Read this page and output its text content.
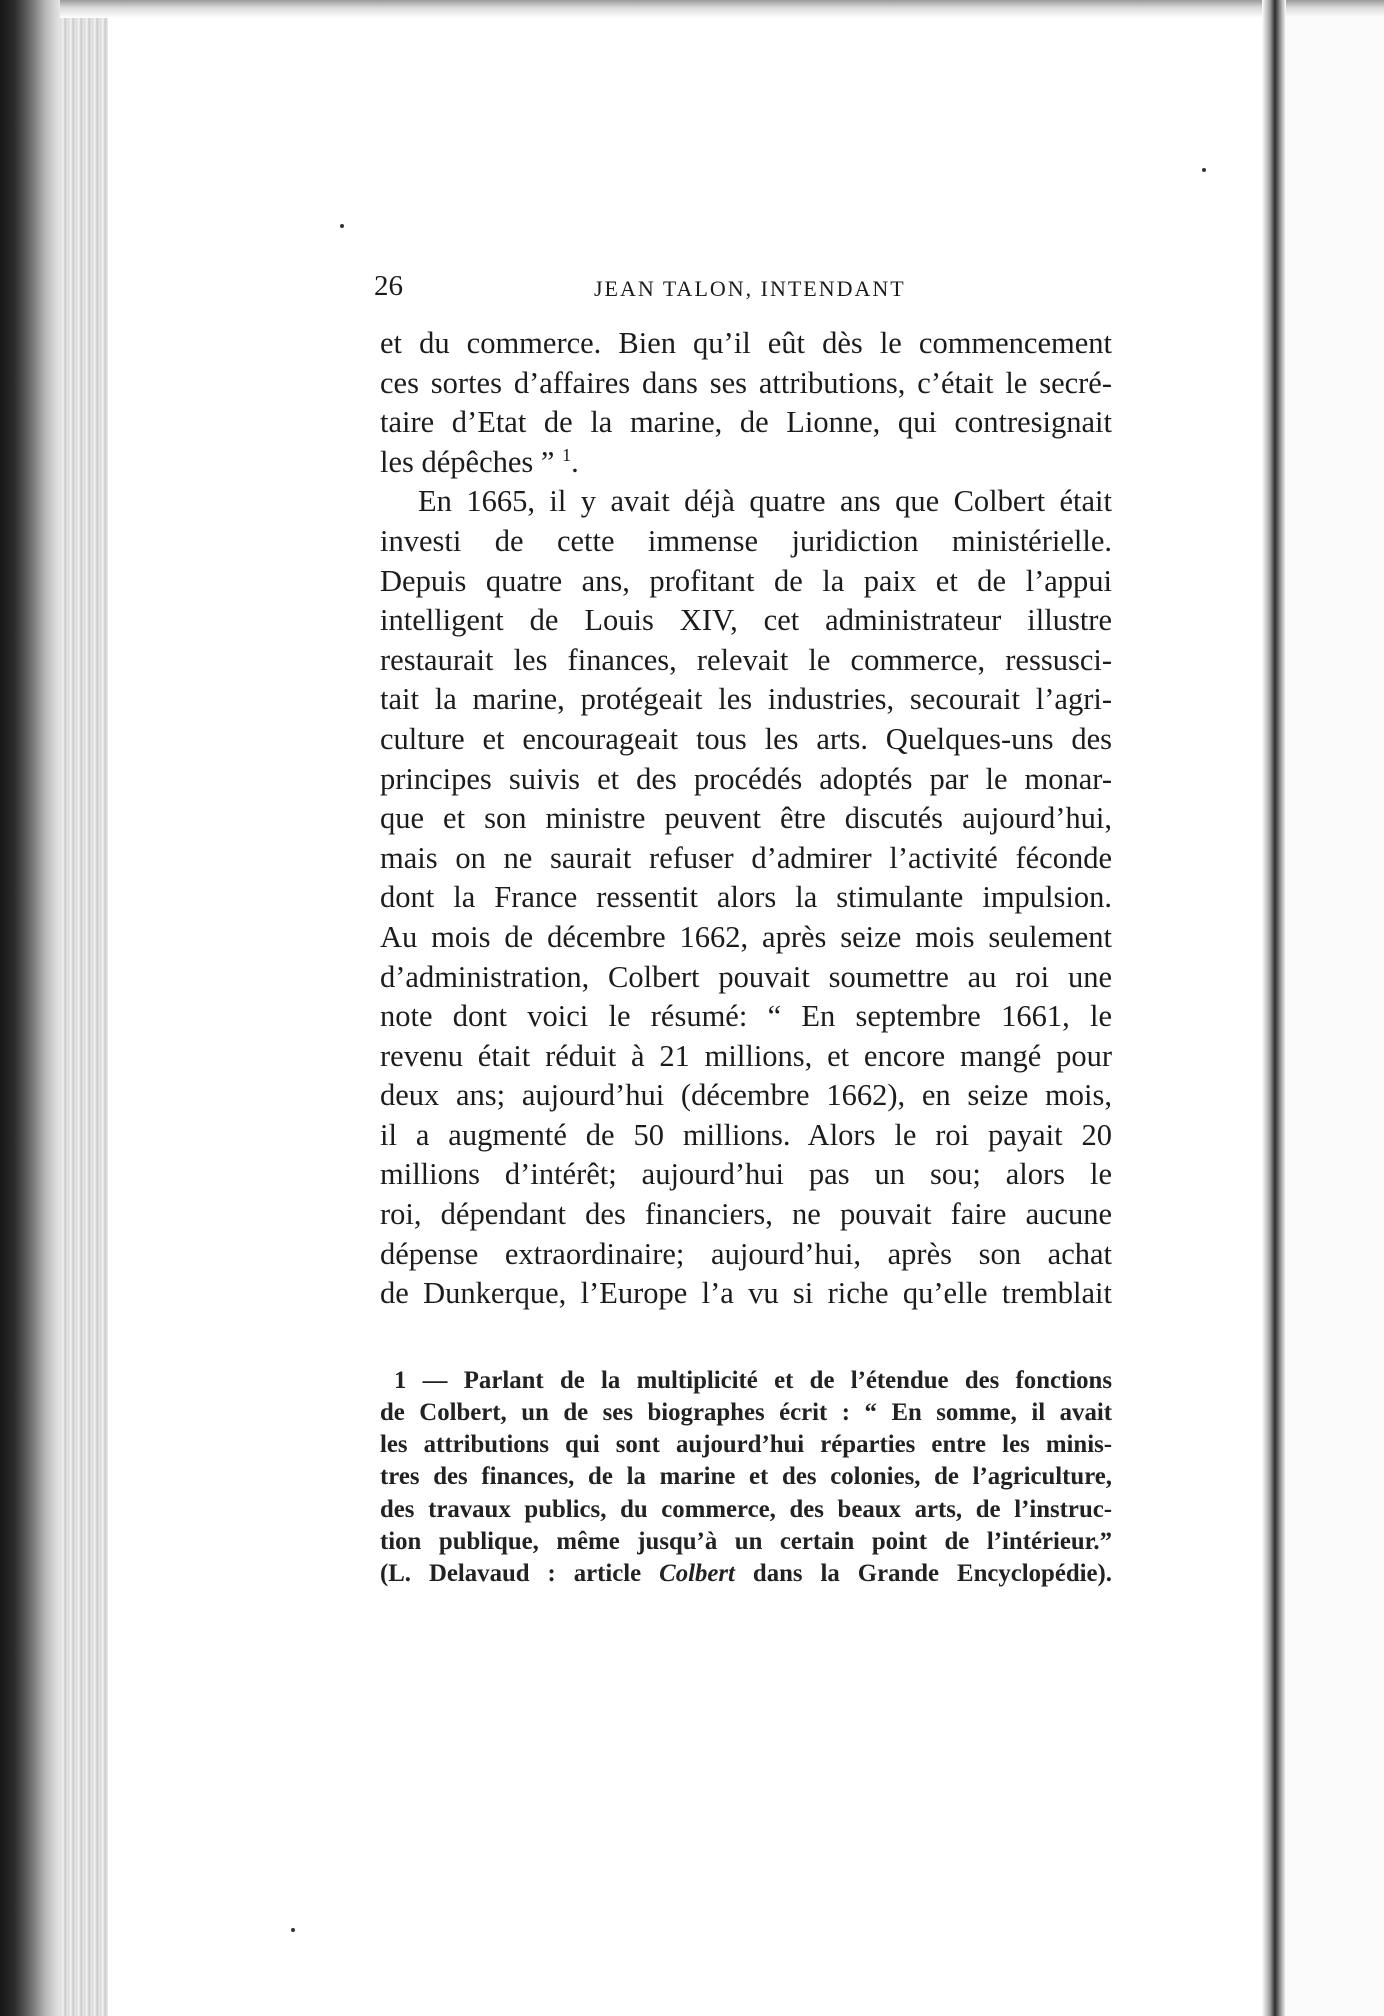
26	JEAN TALON, INTENDANT
et du commerce. Bien qu’il eût dès le commencement
ces sortes d’affaires dans ses attributions, c’était le secré-
taire d’Etat de la marine, de Lionne, qui contresignait
les dépêches ” $^1$.
En 1665, il y avait déjà quatre ans que Colbert était
investi de cette immense juridiction ministérielle.
Depuis quatre ans, profitant de la paix et de l’appui
intelligent de Louis XIV, cet administrateur illustre
restaurait les finances, relevait le commerce, ressusci-
tait la marine, protégeait les industries, secourait l’agri-
culture et encourageait tous les arts. Quelques-uns des
principes suivis et des procédés adoptés par le monar-
que et son ministre peuvent être discutés aujourd’hui,
mais on ne saurait refuser d’admirer l’activité féconde
dont la France ressentit alors la stimulante impulsion.
Au mois de décembre 1662, après seize mois seulement
d’administration, Colbert pouvait soumettre au roi une
note dont voici le résumé: “ En septembre 1661, le
revenu était réduit à 21 millions, et encore mangé pour
deux ans; aujourd’hui (décembre 1662), en seize mois,
il a augmenté de 50 millions. Alors le roi payait 20
millions d’intérêt; aujourd’hui pas un sou; alors le
roi, dépendant des financiers, ne pouvait faire aucune
dépense extraordinaire; aujourd’hui, après son achat
de Dunkerque, l’Europe l’a vu si riche qu’elle tremblait
1 — Parlant de la multiplicité et de l’étendue des fonctions
de Colbert, un de ses biographes écrit : “ En somme, il avait
les attributions qui sont aujourd’hui réparties entre les minis-
tres des finances, de la marine et des colonies, de l’agriculture,
des travaux publics, du commerce, des beaux arts, de l’instruc-
tion publique, même jusqu’à un certain point de l’intérieur.”
(L. Delavaud : article Colbert dans la Grande Encyclopédie).
